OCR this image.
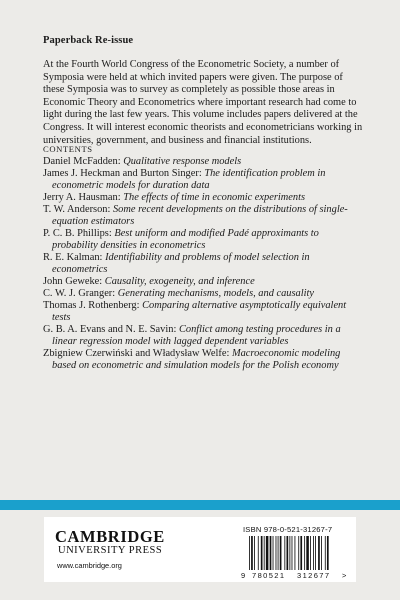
Paperback Re-issue

At the Fourth World Congress of the Econometric Society, a number of Symposia were held at which invited papers were given. The purpose of these Symposia was to survey as completely as possible those areas in Economic Theory and Econometrics where important research had come to light during the last few years. This volume includes papers delivered at the Congress. It will interest economic theorists and econometricians working in universities, government, and business and financial institutions.

CONTENTS
Daniel McFadden: Qualitative response models
James J. Heckman and Burton Singer: The identification problem in econometric models for duration data
Jerry A. Hausman: The effects of time in economic experiments
T. W. Anderson: Some recent developments on the distributions of single-equation estimators
P. C. B. Phillips: Best uniform and modified Padé approximants to probability densities in econometrics
R. E. Kalman: Identifiability and problems of model selection in econometrics
John Geweke: Causality, exogeneity, and inference
C. W. J. Granger: Generating mechanisms, models, and causality
Thomas J. Rothenberg: Comparing alternative asymptotically equivalent tests
G. B. A. Evans and N. E. Savin: Conflict among testing procedures in a linear regression model with lagged dependent variables
Zbigniew Czerwiński and Władysław Welfe: Macroeconomic modeling based on econometric and simulation models for the Polish economy
CAMBRIDGE
UNIVERSITY PRESS
www.cambridge.org
ISBN 978-0-521-31267-7
9 780521 312677 >
